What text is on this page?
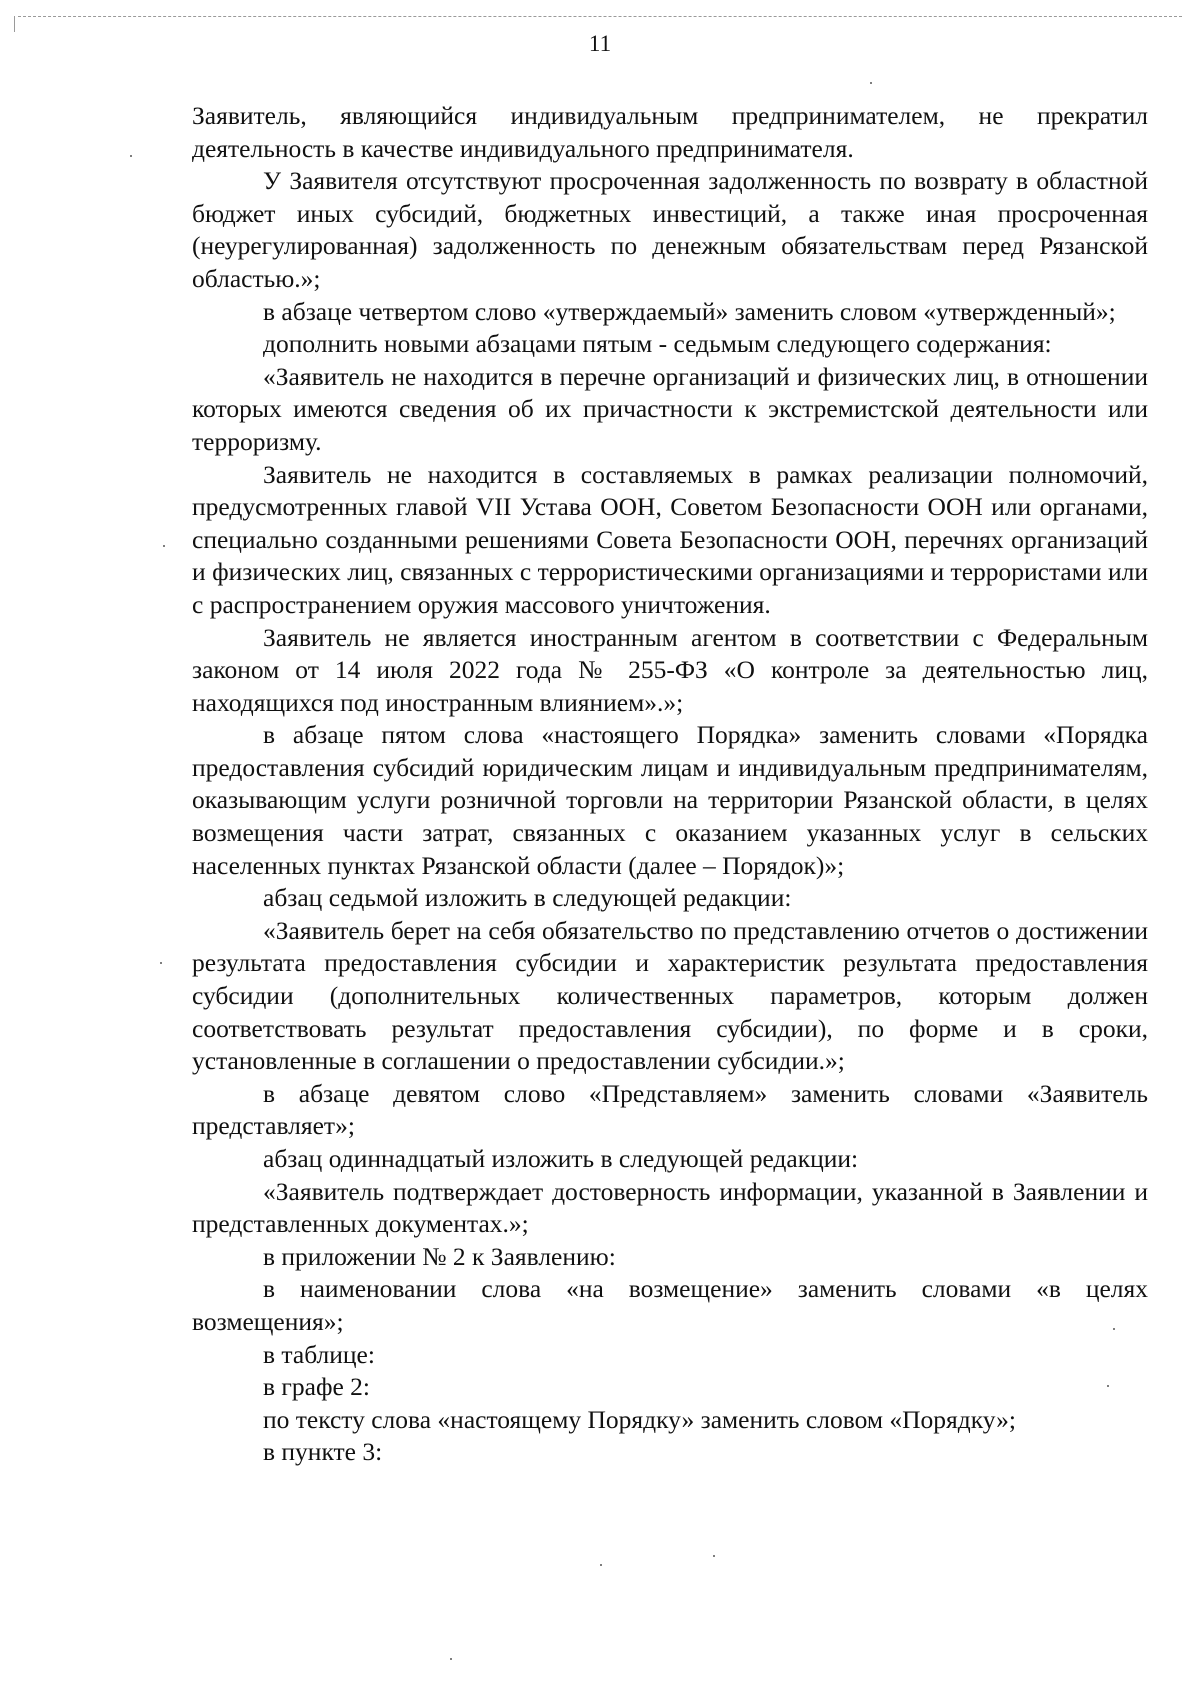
11

Заявитель, являющийся индивидуальным предпринимателем, не прекратил деятельность в качестве индивидуального предпринимателя.

У Заявителя отсутствуют просроченная задолженность по возврату в областной бюджет иных субсидий, бюджетных инвестиций, а также иная просроченная (неурегулированная) задолженность по денежным обязательствам перед Рязанской областью.»;

в абзаце четвертом слово «утверждаемый» заменить словом «утвержденный»;

дополнить новыми абзацами пятым - седьмым следующего содержания:

«Заявитель не находится в перечне организаций и физических лиц, в отношении которых имеются сведения об их причастности к экстремистской деятельности или терроризму.

Заявитель не находится в составляемых в рамках реализации полномочий, предусмотренных главой VII Устава ООН, Советом Безопасности ООН или органами, специально созданными решениями Совета Безопасности ООН, перечнях организаций и физических лиц, связанных с террористическими организациями и террористами или с распространением оружия массового уничтожения.

Заявитель не является иностранным агентом в соответствии с Федеральным законом от 14 июля 2022 года № 255-ФЗ «О контроле за деятельностью лиц, находящихся под иностранным влиянием».»;

в абзаце пятом слова «настоящего Порядка» заменить словами «Порядка предоставления субсидий юридическим лицам и индивидуальным предпринимателям, оказывающим услуги розничной торговли на территории Рязанской области, в целях возмещения части затрат, связанных с оказанием указанных услуг в сельских населенных пунктах Рязанской области (далее – Порядок)»;

абзац седьмой изложить в следующей редакции:

«Заявитель берет на себя обязательство по представлению отчетов о достижении результата предоставления субсидии и характеристик результата предоставления субсидии (дополнительных количественных параметров, которым должен соответствовать результат предоставления субсидии), по форме и в сроки, установленные в соглашении о предоставлении субсидии.»;

в абзаце девятом слово «Представляем» заменить словами «Заявитель представляет»;

абзац одиннадцатый изложить в следующей редакции:

«Заявитель подтверждает достоверность информации, указанной в Заявлении и представленных документах.»;

в приложении № 2 к Заявлению:

в наименовании слова «на возмещение» заменить словами «в целях возмещения»;

в таблице:

в графе 2:

по тексту слова «настоящему Порядку» заменить словом «Порядку»;

в пункте 3:
